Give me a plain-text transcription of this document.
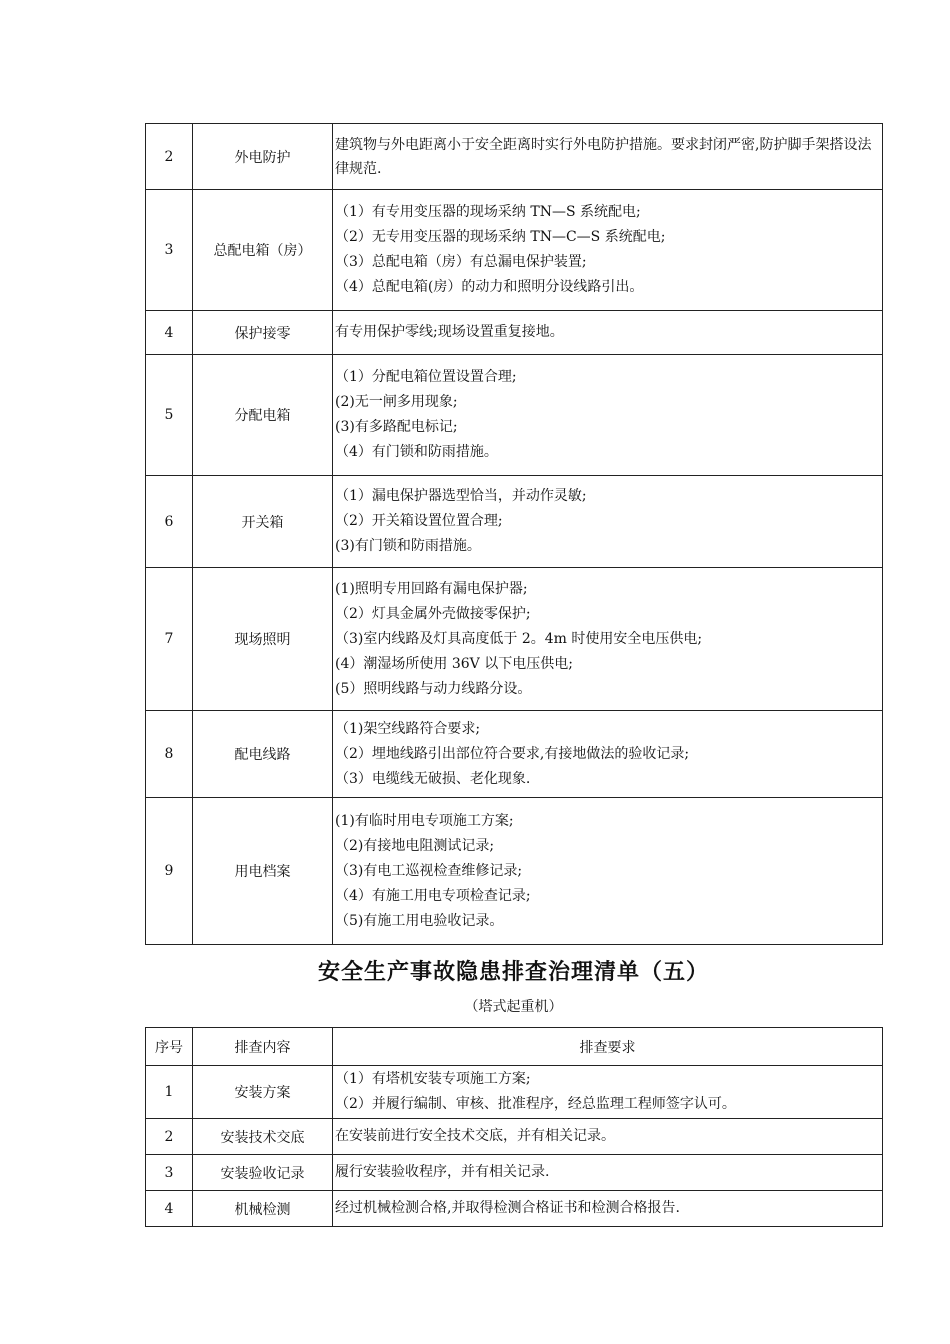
2	外电防护	建筑物与外电距离小于安全距离时实行外电防护措施。要求封闭严密,防护脚手架搭设法律规范.
3	总配电箱（房）	（1）有专用变压器的现场采纳 TN—S 系统配电;
（2）无专用变压器的现场采纳 TN—C—S 系统配电;
（3）总配电箱（房）有总漏电保护装置;
（4）总配电箱(房）的动力和照明分设线路引出。

4	保护接零	有专用保护零线;现场设置重复接地。

5	分配电箱	（1）分配电箱位置设置合理;
(2)无一闸多用现象;
(3)有多路配电标记;
（4）有门锁和防雨措施。

6	开关箱	（1）漏电保护器选型恰当，并动作灵敏;
（2）开关箱设置位置合理;
(3)有门锁和防雨措施。

7	现场照明	(1)照明专用回路有漏电保护器;
（2）灯具金属外壳做接零保护;
（3)室内线路及灯具高度低于 2。4m 时使用安全电压供电;
(4）潮湿场所使用 36V 以下电压供电;
(5）照明线路与动力线路分设。

8	配电线路	（1)架空线路符合要求;
（2）埋地线路引出部位符合要求,有接地做法的验收记录;
（3）电缆线无破损、老化现象.

9	用电档案	(1)有临时用电专项施工方案;
（2)有接地电阻测试记录;
（3)有电工巡视检查维修记录;
（4）有施工用电专项检查记录;
（5)有施工用电验收记录。
安全生产事故隐患排查治理清单（五）
（塔式起重机）
序号	排查内容	排查要求
1	安装方案	（1）有塔机安装专项施工方案;
（2）并履行编制、审核、批准程序，经总监理工程师签字认可。

2	安装技术交底	在安装前进行安全技术交底，并有相关记录。

3	安装验收记录	履行安装验收程序，并有相关记录.

4	机械检测	经过机械检测合格,并取得检测合格证书和检测合格报告.
